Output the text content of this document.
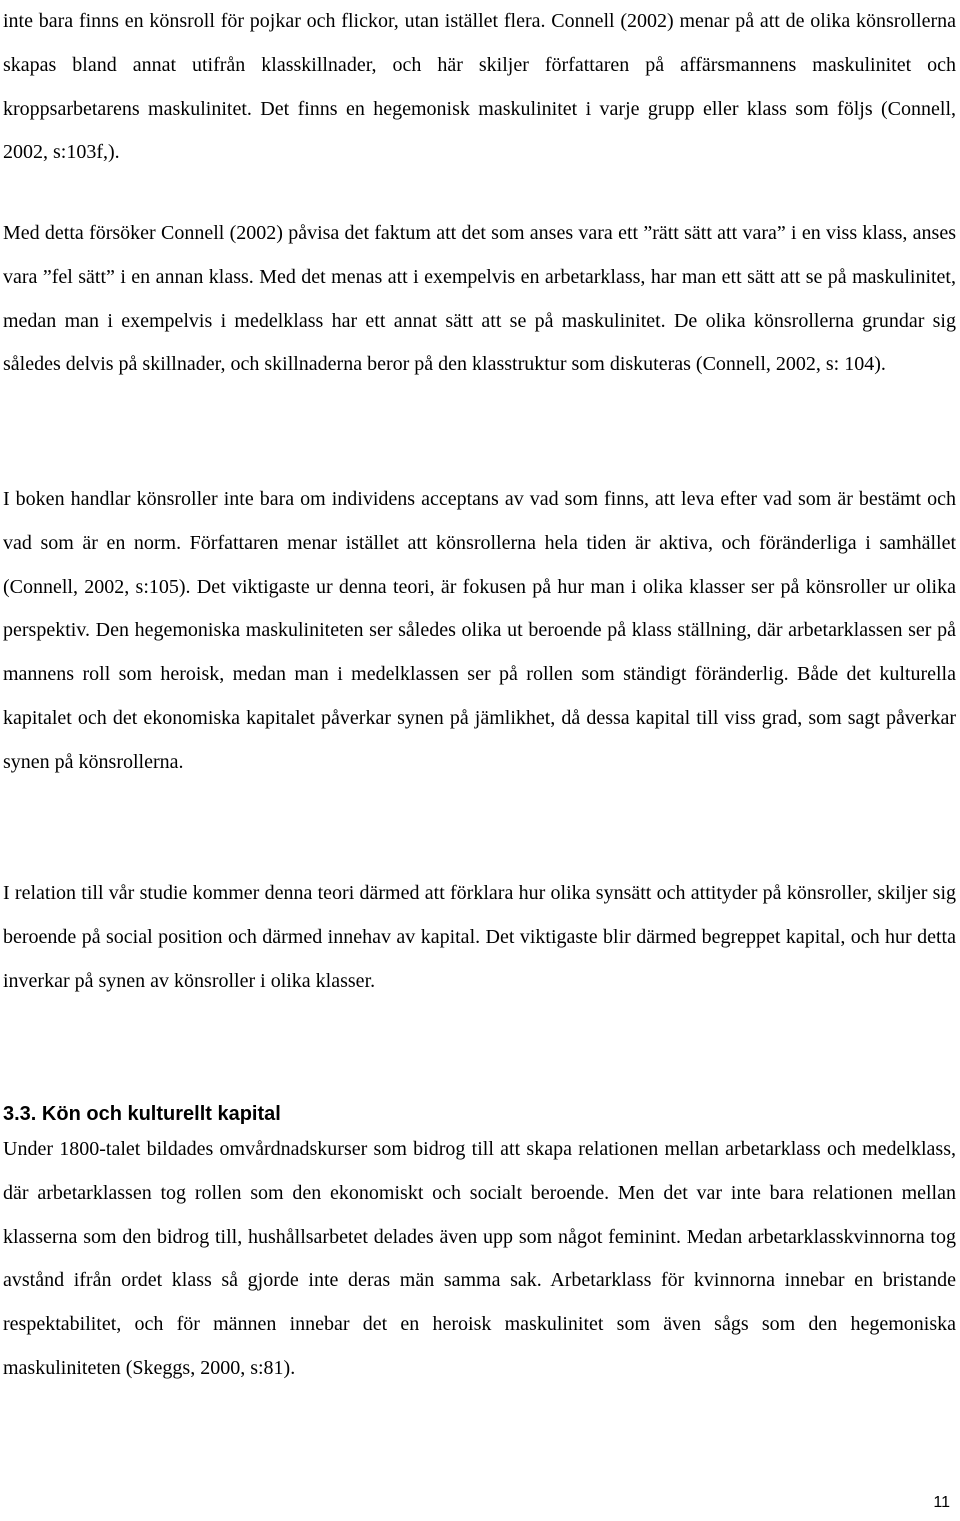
inte bara finns en könsroll för pojkar och flickor, utan istället flera. Connell (2002) menar på att de olika könsrollerna skapas bland annat utifrån klasskillnader, och här skiljer författaren på affärsmannens maskulinitet och kroppsarbetarens maskulinitet. Det finns en hegemonisk maskulinitet i varje grupp eller klass som följs (Connell, 2002, s:103f,).

Med detta försöker Connell (2002) påvisa det faktum att det som anses vara ett ”rätt sätt att vara” i en viss klass, anses vara ”fel sätt” i en annan klass. Med det menas att i exempelvis en arbetarklass, har man ett sätt att se på maskulinitet, medan man i exempelvis i medelklass har ett annat sätt att se på maskulinitet. De olika könsrollerna grundar sig således delvis på skillnader, och skillnaderna beror på den klasstruktur som diskuteras (Connell, 2002, s: 104).

I boken handlar könsroller inte bara om individens acceptans av vad som finns, att leva efter vad som är bestämt och vad som är en norm. Författaren menar istället att könsrollerna hela tiden är aktiva, och föränderliga i samhället (Connell, 2002, s:105). Det viktigaste ur denna teori, är fokusen på hur man i olika klasser ser på könsroller ur olika perspektiv. Den hegemoniska maskuliniteten ser således olika ut beroende på klass ställning, där arbetarklassen ser på mannens roll som heroisk, medan man i medelklassen ser på rollen som ständigt föränderlig. Både det kulturella kapitalet och det ekonomiska kapitalet påverkar synen på jämlikhet, då dessa kapital till viss grad, som sagt påverkar synen på könsrollerna.

I relation till vår studie kommer denna teori därmed att förklara hur olika synsätt och attityder på könsroller, skiljer sig beroende på social position och därmed innehav av kapital. Det viktigaste blir därmed begreppet kapital, och hur detta inverkar på synen av könsroller i olika klasser.

3.3. Kön och kulturellt kapital

Under 1800-talet bildades omvårdnadskurser som bidrog till att skapa relationen mellan arbetarklass och medelklass, där arbetarklassen tog rollen som den ekonomiskt och socialt beroende. Men det var inte bara relationen mellan klasserna som den bidrog till, hushållsarbetet delades även upp som något feminint. Medan arbetarklasskvinnorna tog avstånd ifrån ordet klass så gjorde inte deras män samma sak. Arbetarklass för kvinnorna innebar en bristande respektabilitet, och för männen innebar det en heroisk maskulinitet som även sågs som den hegemoniska maskuliniteten (Skeggs, 2000, s:81).

11
